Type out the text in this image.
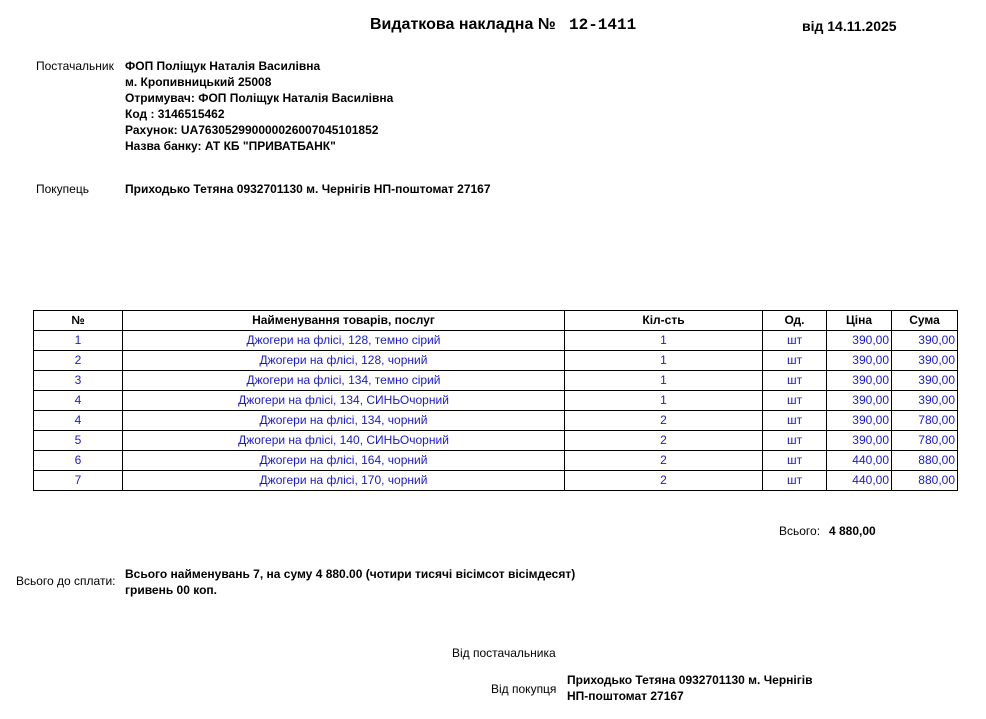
Видаткова накладна № 12-1411	від 14.11.2025
Постачальник ФОП Поліщук Наталія Василівна
м. Кропивницький 25008
Отримувач: ФОП Поліщук Наталія Василівна
Код : 3146515462
Рахунок: UA763052990000026007045101852
Назва банку: АТ КБ "ПРИВАТБАНК"
Покупець	Приходько Тетяна 0932701130 м. Чернігів НП-поштомат 27167
№	Найменування товарів, послуг	Кіл-сть	Од.	Ціна	Сума
1	Джогери на флісі, 128, темно сірий	1	шт	390,00	390,00
2	Джогери на флісі, 128, чорний	1	шт	390,00	390,00
3	Джогери на флісі, 134, темно сірий	1	шт	390,00	390,00
4	Джогери на флісі, 134, СИНЬОчорний	1	шт	390,00	390,00
4	Джогери на флісі, 134, чорний	2	шт	390,00	780,00
5	Джогери на флісі, 140, СИНЬОчорний	2	шт	390,00	780,00
6	Джогери на флісі, 164, чорний	2	шт	440,00	880,00
7	Джогери на флісі, 170, чорний	2	шт	440,00	880,00
Всього: 4 880,00
Всього до сплати: Всього найменувань 7, на суму 4 880.00 (чотири тисячі вісімсот вісімдесят)
гривень 00 коп.
Від постачальника
Від покупця
Приходько Тетяна 0932701130 м. Чернігів
НП-поштомат 27167
